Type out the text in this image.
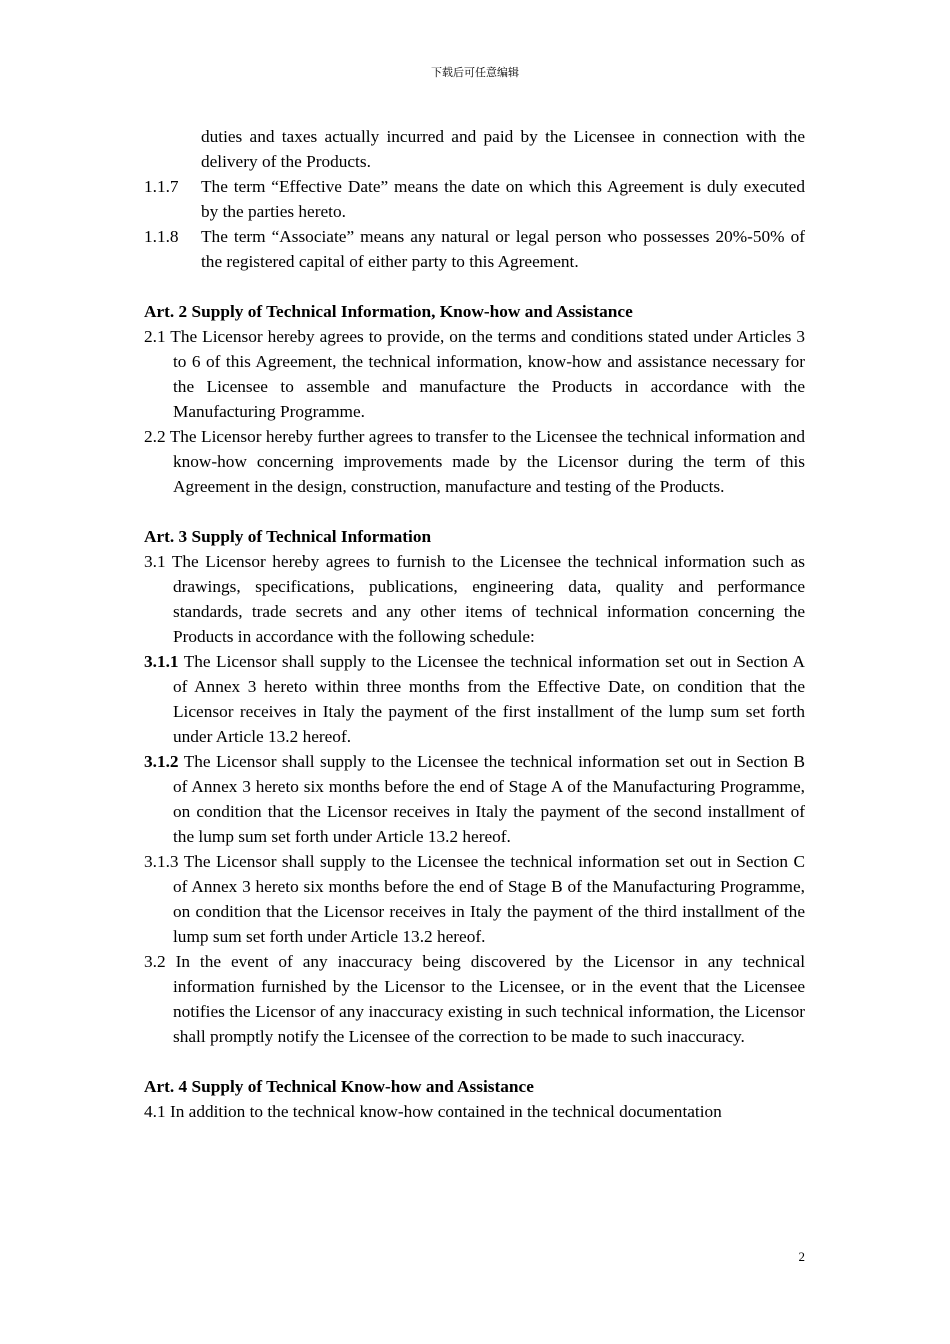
下载后可任意编辑
duties and taxes actually incurred and paid by the Licensee in connection with the delivery of the Products.
1.1.7	The term “Effective Date” means the date on which this Agreement is duly executed by the parties hereto.
1.1.8	The term “Associate” means any natural or legal person who possesses 20%-50% of the registered capital of either party to this Agreement.
Art. 2 Supply of Technical Information, Know-how and Assistance
2.1 The Licensor hereby agrees to provide, on the terms and conditions stated under Articles 3 to 6 of this Agreement, the technical information, know-how and assistance necessary for the Licensee to assemble and manufacture the Products in accordance with the Manufacturing Programme.
2.2 The Licensor hereby further agrees to transfer to the Licensee the technical information and know-how concerning improvements made by the Licensor during the term of this Agreement in the design, construction, manufacture and testing of the Products.
Art. 3 Supply of Technical Information
3.1 The Licensor hereby agrees to furnish to the Licensee the technical information such as drawings, specifications, publications, engineering data, quality and performance standards, trade secrets and any other items of technical information concerning the Products in accordance with the following schedule:
3.1.1 The Licensor shall supply to the Licensee the technical information set out in Section A of Annex 3 hereto within three months from the Effective Date, on condition that the Licensor receives in Italy the payment of the first installment of the lump sum set forth under Article 13.2 hereof.
3.1.2 The Licensor shall supply to the Licensee the technical information set out in Section B of Annex 3 hereto six months before the end of Stage A of the Manufacturing Programme, on condition that the Licensor receives in Italy the payment of the second installment of the lump sum set forth under Article 13.2 hereof.
3.1.3 The Licensor shall supply to the Licensee the technical information set out in Section C of Annex 3 hereto six months before the end of Stage B of the Manufacturing Programme, on condition that the Licensor receives in Italy the payment of the third installment of the lump sum set forth under Article 13.2 hereof.
3.2 In the event of any inaccuracy being discovered by the Licensor in any technical information furnished by the Licensor to the Licensee, or in the event that the Licensee notifies the Licensor of any inaccuracy existing in such technical information, the Licensor shall promptly notify the Licensee of the correction to be made to such inaccuracy.
Art. 4 Supply of Technical Know-how and Assistance
4.1 In addition to the technical know-how contained in the technical documentation
2
